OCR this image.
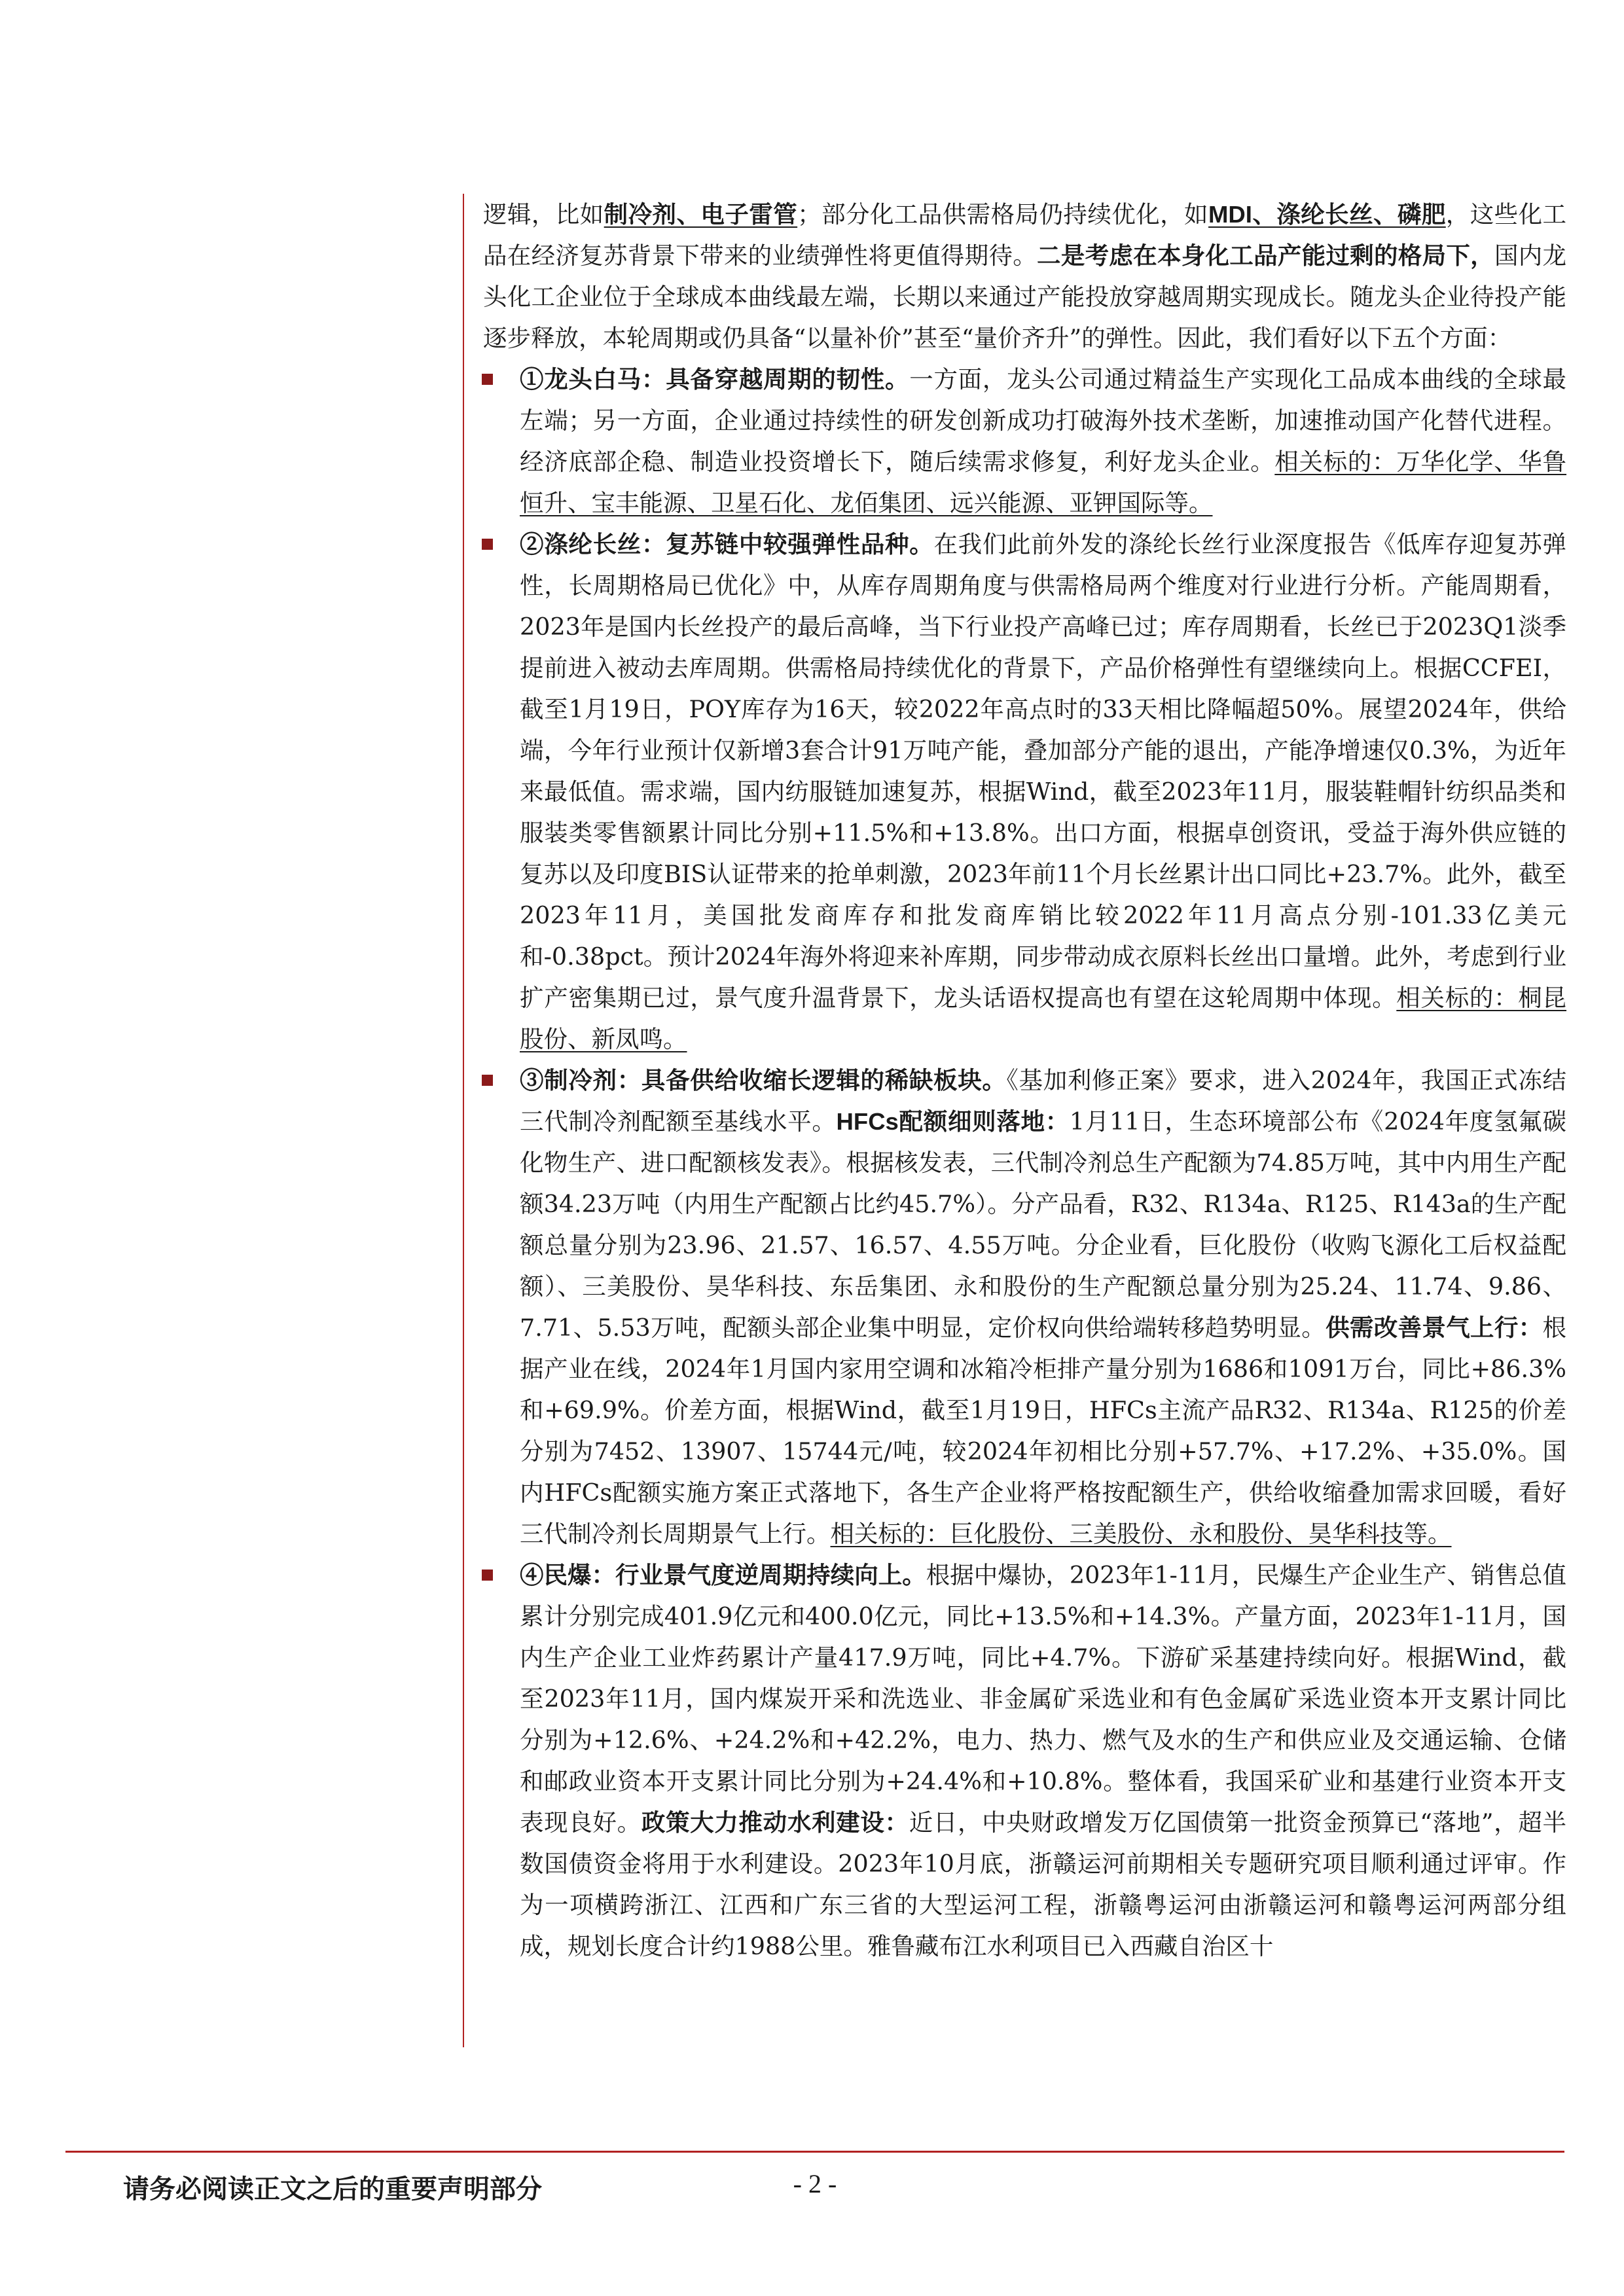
逻辑，比如制冷剂、电子雷管；部分化工品供需格局仍持续优化，如MDI、涤纶长丝、磷肥，这些化工品在经济复苏背景下带来的业绩弹性将更值得期待。二是考虑在本身化工品产能过剩的格局下，国内龙头化工企业位于全球成本曲线最左端，长期以来通过产能投放穿越周期实现成长。随龙头企业待投产能逐步释放，本轮周期或仍具备“以量补价”甚至“量价齐升”的弹性。因此，我们看好以下五个方面：

①龙头白马：具备穿越周期的韧性。一方面，龙头公司通过精益生产实现化工品成本曲线的全球最左端；另一方面，企业通过持续性的研发创新成功打破海外技术垄断，加速推动国产化替代进程。经济底部企稳、制造业投资增长下，随后续需求修复，利好龙头企业。相关标的：万华化学、华鲁恒升、宝丰能源、卫星石化、龙佰集团、远兴能源、亚钾国际等。

②涤纶长丝：复苏链中较强弹性品种。在我们此前外发的涤纶长丝行业深度报告《低库存迎复苏弹性，长周期格局已优化》中，从库存周期角度与供需格局两个维度对行业进行分析。产能周期看，2023年是国内长丝投产的最后高峰，当下行业投产高峰已过；库存周期看，长丝已于2023Q1淡季提前进入被动去库周期。供需格局持续优化的背景下，产品价格弹性有望继续向上。根据CCFEI，截至1月19日，POY库存为16天，较2022年高点时的33天相比降幅超50%。展望2024年，供给端，今年行业预计仅新增3套合计91万吨产能，叠加部分产能的退出，产能净增速仅0.3%，为近年来最低值。需求端，国内纺服链加速复苏，根据Wind，截至2023年11月，服装鞋帽针纺织品类和服装类零售额累计同比分别+11.5%和+13.8%。出口方面，根据卓创资讯，受益于海外供应链的复苏以及印度BIS认证带来的抢单刺激，2023年前11个月长丝累计出口同比+23.7%。此外，截至2023年11月，美国批发商库存和批发商库销比较2022年11月高点分别-101.33亿美元和-0.38pct。预计2024年海外将迎来补库期，同步带动成衣原料长丝出口量增。此外，考虑到行业扩产密集期已过，景气度升温背景下，龙头话语权提高也有望在这轮周期中体现。相关标的：桐昆股份、新凤鸣。

③制冷剂：具备供给收缩长逻辑的稀缺板块。《基加利修正案》要求，进入2024年，我国正式冻结三代制冷剂配额至基线水平。HFCs配额细则落地：1月11日，生态环境部公布《2024年度氢氟碳化物生产、进口配额核发表》。根据核发表，三代制冷剂总生产配额为74.85万吨，其中内用生产配额34.23万吨（内用生产配额占比约45.7%）。分产品看，R32、R134a、R125、R143a的生产配额总量分别为23.96、21.57、16.57、4.55万吨。分企业看，巨化股份（收购飞源化工后权益配额）、三美股份、昊华科技、东岳集团、永和股份的生产配额总量分别为25.24、11.74、9.86、7.71、5.53万吨，配额头部企业集中明显，定价权向供给端转移趋势明显。供需改善景气上行：根据产业在线，2024年1月国内家用空调和冰箱冷柜排产量分别为1686和1091万台，同比+86.3%和+69.9%。价差方面，根据Wind，截至1月19日，HFCs主流产品R32、R134a、R125的价差分别为7452、13907、15744元/吨，较2024年初相比分别+57.7%、+17.2%、+35.0%。国内HFCs配额实施方案正式落地下，各生产企业将严格按配额生产，供给收缩叠加需求回暖，看好三代制冷剂长周期景气上行。相关标的：巨化股份、三美股份、永和股份、昊华科技等。

④民爆：行业景气度逆周期持续向上。根据中爆协，2023年1-11月，民爆生产企业生产、销售总值累计分别完成401.9亿元和400.0亿元，同比+13.5%和+14.3%。产量方面，2023年1-11月，国内生产企业工业炸药累计产量417.9万吨，同比+4.7%。下游矿采基建持续向好。根据Wind，截至2023年11月，国内煤炭开采和洗选业、非金属矿采选业和有色金属矿采选业资本开支累计同比分别为+12.6%、+24.2%和+42.2%，电力、热力、燃气及水的生产和供应业及交通运输、仓储和邮政业资本开支累计同比分别为+24.4%和+10.8%。整体看，我国采矿业和基建行业资本开支表现良好。政策大力推动水利建设：近日，中央财政增发万亿国债第一批资金预算已“落地”，超半数国债资金将用于水利建设。2023年10月底，浙赣运河前期相关专题研究项目顺利通过评审。作为一项横跨浙江、江西和广东三省的大型运河工程，浙赣粤运河由浙赣运河和赣粤运河两部分组成，规划长度合计约1988公里。雅鲁藏布江水利项目已入西藏自治区十

请务必阅读正文之后的重要声明部分	- 2 -
